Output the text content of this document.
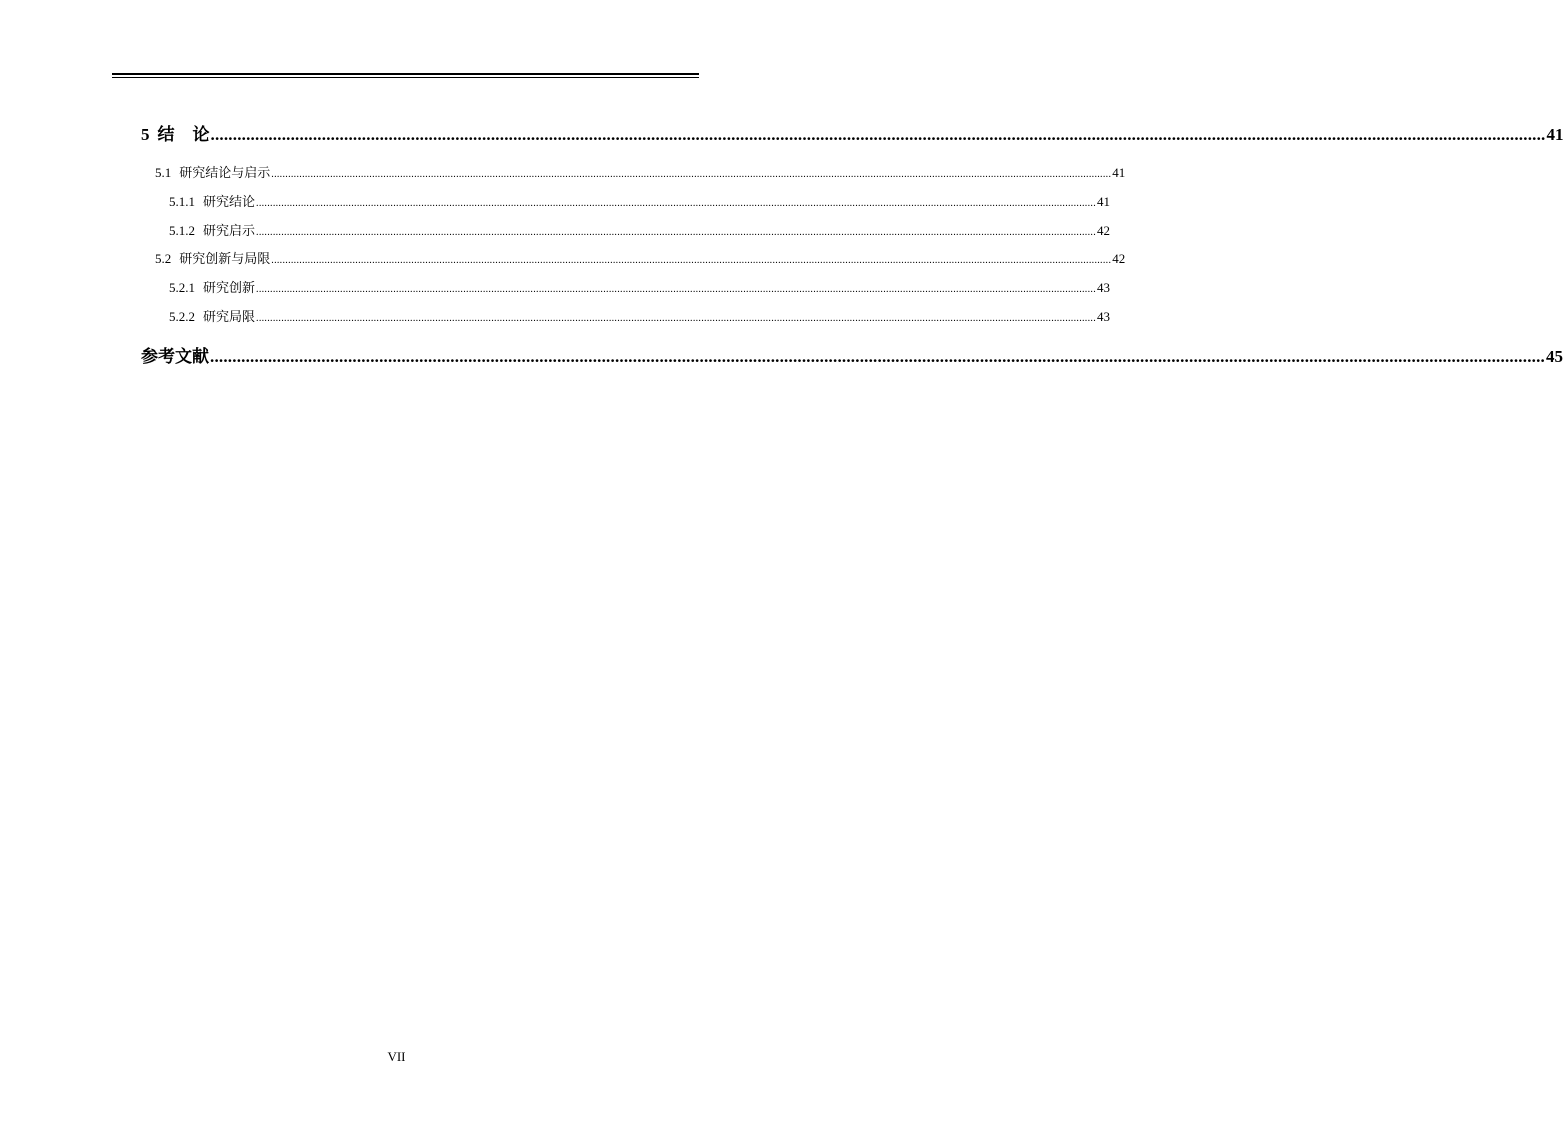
5 结 论 ............................................................................................................................................................................................................................................................................................................ 41
5.1 研究结论与启示 ............................................................................................................................................................................................................................................................................................................ 41
5.1.1 研究结论 ............................................................................................................................................................................................................................................................................................................ 41
5.1.2 研究启示 ............................................................................................................................................................................................................................................................................................................ 42
5.2 研究创新与局限 ............................................................................................................................................................................................................................................................................................................ 42
5.2.1 研究创新 ............................................................................................................................................................................................................................................................................................................ 43
5.2.2 研究局限 ............................................................................................................................................................................................................................................................................................................ 43
参考文献 ............................................................................................................................................................................................................................................................................................................ 45
VII
